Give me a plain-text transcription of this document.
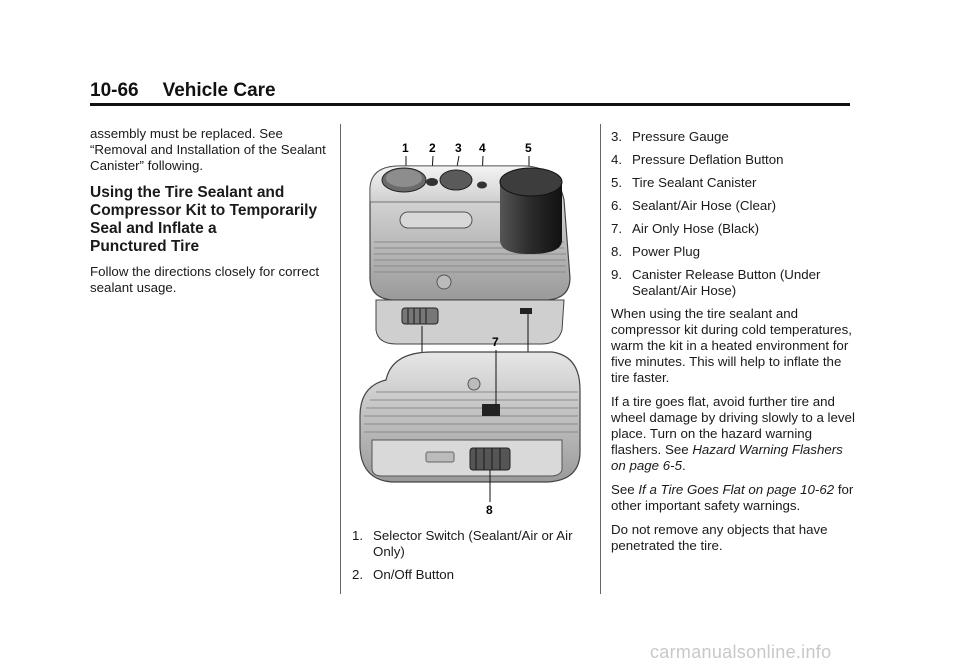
10-66 Vehicle Care

assembly must be replaced. See “Removal and Installation of the Sealant Canister” following.

Using the Tire Sealant and
Compressor Kit to Temporarily
Seal and Inflate a
Punctured Tire

Follow the directions closely for correct sealant usage.

1 2 3 4	5
7
8
1. Selector Switch (Sealant/Air or Air Only)
2. On/Off Button
3. Pressure Gauge
4. Pressure Deflation Button
5. Tire Sealant Canister
6. Sealant/Air Hose (Clear)
7. Air Only Hose (Black)
8. Power Plug
9. Canister Release Button (Under Sealant/Air Hose)

When using the tire sealant and compressor kit during cold temperatures, warm the kit in a heated environment for five minutes. This will help to inflate the tire faster.

If a tire goes flat, avoid further tire and wheel damage by driving slowly to a level place. Turn on the hazard warning flashers. See Hazard Warning Flashers on page 6-5.

See If a Tire Goes Flat on page 10-62 for other important safety warnings.

Do not remove any objects that have penetrated the tire.

carmanualsonline.info
